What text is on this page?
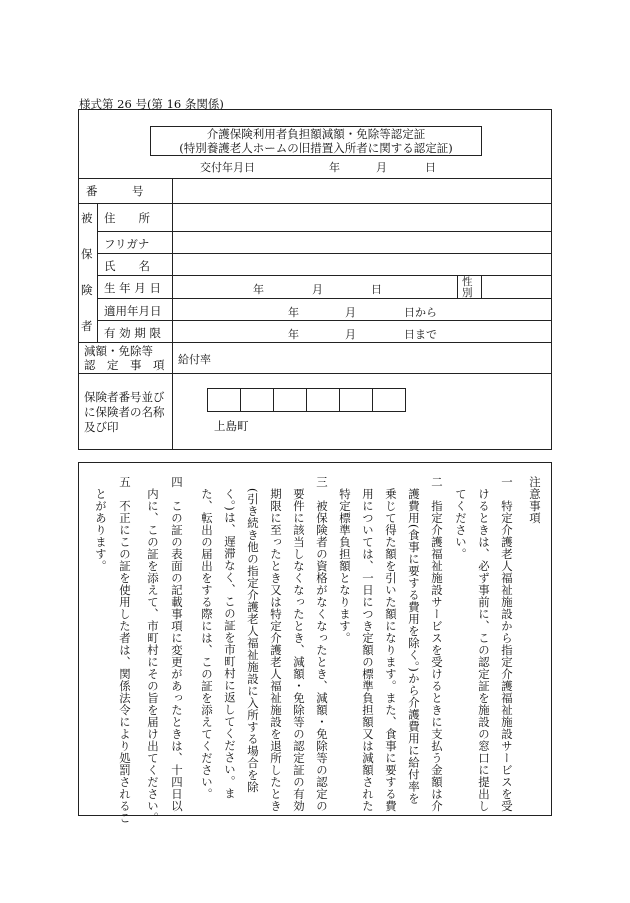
様式第 26 号(第 16 条関係)
介護保険利用者負担額減額・免除等認定証
(特別養護老人ホームの旧措置入所者に関する認定証)
交付年月日	年	月	日
番　　　号
被
保
険
者
住　　所
フリガナ
氏　　名
生 年 月 日	年	月	日
性
別
適用年月日	年	月	日から
有 効 期 限	年	月	日まで
減額・免除等
認　定　事　項 給付率
保険者番号並び
に保険者の名称
及び印	上島町
注意事項
一　特定介護老人福祉施設から指定介護福祉施設サービスを受
　けるときは、必ず事前に、この認定証を施設の窓口に提出し
　てください。
二　指定介護福祉施設サービスを受けるときに支払う金額は介
　護費用(食事に要する費用を除く。)から介護費用に給付率を
　乗じて得た額を引いた額になります。また、食事に要する費
　用については、一日につき定額の標準負担額又は減額された
　特定標準負担額となります。
三　被保険者の資格がなくなったとき、減額・免除等の認定の
　要件に該当しなくなったとき、減額・免除等の認定証の有効
　期限に至ったとき又は特定介護老人福祉施設を退所したとき
　(引き続き他の指定介護老人福祉施設に入所する場合を除
　く。)は、遅滞なく、この証を市町村に返してください。ま
　た、転出の届出をする際には、この証を添えてください。
四　この証の表面の記載事項に変更があったときは、十四日以
　内に、この証を添えて、市町村にその旨を届け出てください。
五　不正にこの証を使用した者は、関係法令により処罰されるこ
　とがあります。
